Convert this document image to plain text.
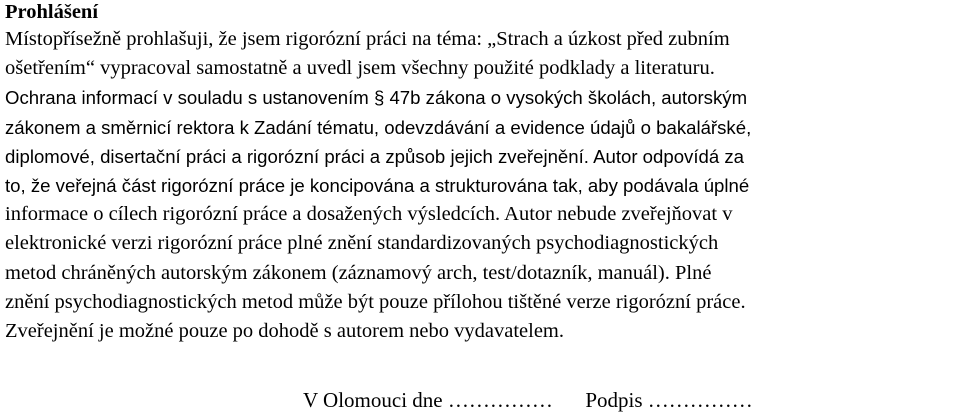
Prohlášení
Místopřísežně prohlašuji, že jsem rigorózní práci na téma: „Strach a úzkost před zubním
ošetřením“ vypracoval samostatně a uvedl jsem všechny použité podklady a literaturu.
Ochrana informací v souladu s ustanovením § 47b zákona o vysokých školách, autorským
zákonem a směrnicí rektora k Zadání tématu, odevzdávání a evidence údajů o bakalářské,
diplomové, disertační práci a rigorózní práci a způsob jejich zveřejnění. Autor odpovídá za
to, že veřejná část rigorózní práce je koncipována a strukturována tak, aby podávala úplné
informace o cílech rigorózní práce a dosažených výsledcích. Autor nebude zveřejňovat v
elektronické verzi rigorózní práce plné znění standardizovaných psychodiagnostických
metod chráněných autorským zákonem (záznamový arch, test/dotazník, manuál). Plné
znění psychodiagnostických metod může být pouze přílohou tištěné verze rigorózní práce.
Zveřejnění je možné pouze po dohodě s autorem nebo vydavatelem.
V Olomouci dne …………… Podpis ……………
